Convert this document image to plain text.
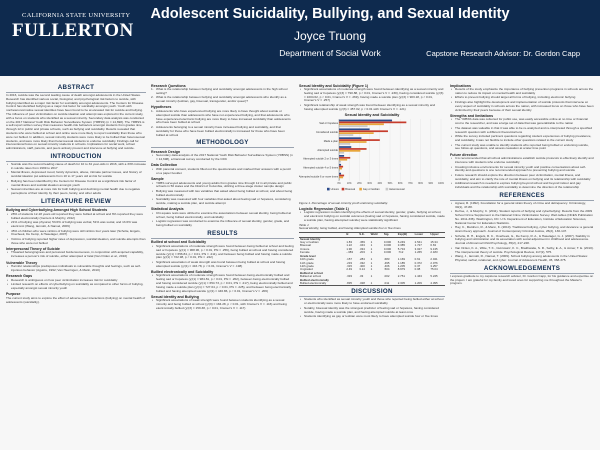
CALIFORNIA STATE UNIVERSITY
FULLERTON
Adolescent Suicidality, Bullying, and Sexual Identity
Joyce Truong
Department of Social Work	Capstone Research Advisor: Dr. Gordon Capp
ABSTRACT
In 2016, suicide was the second leading cause of death amongst adolescents in the United States. Research has identified various social, biological, and psychological risk factors to suicide, with bullying identified as a major risk factor for suicidality amongst adolescents. The Centers for Disease Control has identified bullying as a major risk factor for suicidality amongst youth. Youth with nonheteronormative sexual identities have been found to be at elevated risk for suicide and bullying. The influence of peer victimization on suicide ideation and attempt was explored in the current study, with a focus on students who identified as a sexual minority. Secondary data analysis was conducted on the 2017 National Youth Risk Behavior Surveillance System (YRBSS) (n = 14,698). The YRBSS is a self-report written survey that measures health-risk behaviors amongst students from grades nine through 12 in public and private schools, such as bullying and suicidality. Results revealed that students who were bullied at school and online were more likely to report suicidality than those who were not bullied. In addition, sexual minority students were more likely to be bullied than heterosexual students, and were more likely than heterosexual students to endorse suicidality. Findings call for interventional focus on sexual minority students in schools. Implications for social work, school administrators, staff, parents, and peers actively prevent and intervene at bullying and suicide.
INTRODUCTION
• Suicide was the second leading cause of death for 10 to 34 year-olds in 2016, with a 33% increase in suicide rates from 1999 to 2017
• Mental illness, depressed mood, family dynamics, abuse, intimate partner issues, and history of suicidal ideation put adolescents from 10 to 17 years old at risk for suicide
• Bullying has been identified by the Centers for Disease Control as a significant risk factor of mental illness and suicidal ideation amongst youth
• Sexual minorities are at more risk for both bullying and declining mental health due to negative perceptions of their identity by their peers, family, and other adults
LITERATURE REVIEW
Bullying and Cyberbullying Amongst High School Students
• 28% of students 12-18 years old reported they were bullied at school and 6% reported they were bullied electronically (Centers & Murphy, 2012)
• 21% of bullying was physical, 53.6% of bullying was verbal, 51% was social, and 13.6% was electronic (Wang, Iannotti, & Nansel, 2009)
• 45% of children who were victims of bullying were still victims four years later (Scholte, Engels, Overbeek, De Kemp, & Haselager, 2007)
• Victims of bullying reported higher rates of depression, suicidal ideation, and suicide attempts than those who were not bullied
Interpersonal Theory of Suicide
• Thwarted belongingness and perceived burdensomeness, in conjunction with acquired capability, increases a person's risk of suicide, either attempted or fatal (Van Orden et al., 2010)
Vulnerable Theory
• Harmful relationships predisposes individuals to vulnerable thoughts and feelings, such as self-injurious behavior (Aguirre, 1992; Van Heeringen, & Marin, 2010)
Research Gaps
• Research is ambiguous on how peer victimization increases risk for suicidality
• Limited research on effects of cyberbullying on suicidality as compared to other forms of bullying, especially amongst sexual minority youth
Purpose
The current study aims to explore the effect of adverse peer interactions (bullying) on mental health of adolescents (suicidality).
Research Questions
1. What is the relationship between bullying and suicidality amongst adolescents in the high school setting?
2. What is the relationship between bullying and suicidality amongst adolescents who identify as a sexual minority (lesbian, gay, bisexual, transgender, and/or queer)?
Hypotheses
1. Adolescents who have experienced bullying are more likely to have thought about suicide or attempted suicide than adolescents who have not experienced bullying, and that adolescents who have experienced electronic bullying are more likely to have increased suicidality than adolescents who have been bullied at school
2. Adolescents belonging to a sexual minority have increased bullying and suicidality, and that suicidality for those who have been bullied electronically is increased for those who have been bullied at school
METHODOLOGY
Research Design
• Secondary data analysis of the 2017 National Youth Risk Behavior Surveillance System (YRBSS) (n = 14,698), a biannual survey conducted by the CDC
Data Collection
• With parental consent, students filled out the questionnaire and marked their answers with a pencil on a paper booklet
Sample
• YRBS surveyed adolescents and young adults from grades nine through 12 in all private and public schools in 50 states and the District of Columbia, utilizing a three-stage cluster sample design
• Bullying was measured with two variables that asked about being bullied at school, and about being bullied electronically
• Suicidality was measured with four variables that asked about feeling sad or hopeless, considering suicide, making a suicide plan, and suicide attempt
Statistical Analysis
• Chi-square tests were utilized to examine the associations between sexual identity, being bullied at school, being bullied electronically, and suicidality
• Logistic regression was conducted to examine the influence of sexual identity, gender, grade, and being bullied on suicidality
RESULTS
Bullied at school and Suicidality
• Significant associations of moderate strength were found between being bullied at school and feeling sad or hopeless (χ²(1) = 968.96, p < 0.01, Phi = .256), being bullied at school and having considered suicide (χ²(1) = 656.84, p < 0.01, Phi = .211), and between being bullied and having made a suicide plan (χ²(1) = 722.98, p < 0.01, Phi = .222)
• Significant association of weak strength was found between being bullied at school and having attempted suicide (χ²(1) = 416.78, p < 0.01, Cramer's V = .198)
Bullied electronically and Suicidality
• Significant associations of moderate strength were found between being electronically bullied and feeling sad or hopeless (χ²(1) = 984.81, p < 0.01, Phi = .262), between being electronically bullied and having considered suicide (χ²(1) = 654.73, p < 0.01, Phi = .217), being electronically bullied and having made a suicide plan (χ²(1) = 727.04, p < 0.01, Phi = .225), and between being electronically bullied and having attempted suicide (χ²(1) = 446.86, p < 0.01, Cramer's V = .206)
Sexual identity and Bullying
• Significant associations of weak strength were found between students identifying as a sexual minority and being bullied at school (χ²(3) = 184.28, p < 0.01, with Cramer's V = .116) and being electronically bullied (χ²(3) = 159.38, p < 0.01, Cramer's V = .117)
Sexual Identity and Suicidality (Figure 1)
• Significant associations of moderate strength were found between identifying as a sexual minority and feeling sad or hopeless (χ²(3) = 790.88, p < 0.01, Cramer's V = .230), having considered suicide (χ²(3) = 1004.62, p < 0.01, Cramer's V = .269), having made a suicide plan (χ²(3) = 903.18, p < 0.01, Cramer's V = .257)
• Significant relationship of weak strength was found between identifying as a sexual minority and having attempted suicide (χ²(3) = 457.02, p < 0.01 with Cramer's V = .121)
Sexual Identity and Suicidality
0%	10% 20% 30% 40% 50% 60% 70% 80% 90% 100%
Sad or hopeless
Considered suicide
Made a plan
Attempted suicide
Attempted suicide 2 or 3 times
Attempted suicide 4 or 5 times
Attempted suicide 6 or more times
Unsure Bisexual	Gay or lesbian	Heterosexual
Figure 1. Percentage of sexual minority youth endorsing suicidality.
Logistic Regression (Table 1)
• Logistic regression models identifying the effects of sexual identity, gender, grade, bullying at school, and electronic bullying on suicidal outcomes (feeling sad or hopeless, having considered suicide, made a suicide plan, having attempted suicide) were statistically significant
Table 1
Sexual identity, being bullied, and having Attempted suicide four or five times
	B	S.E.	Wald	Sig.	Exp(B)	Lower	Upper
Sexual Identity							
Gay or lesbian	1.83	.459	1	0.000	6.249	2.541	15.34
Bisexual	1.22	.343	1	0.000	3.385	1.727	6.63
Unsure	1.96	.334	1	0.000	5.734	3.027	9.135
Female	-.383	.203	1	0.000	.712	1.265	2.183
Grade level							
10th grade	.157	.284	1	.683	1.169	0.61	2.041
11th grade	.233	.332	1	.495	1.185	0.372	2.076
12th grade	.315	.400	1	.406	1.205	0.37	3.257
Ungraded	2.49	3.14	1	.504	8.979	0.08	75.04
Bullied at school							
Bullied at school	.333	.33	1	.002	2.751	1.443	5.245
Bullied electronically							
Bullied electronically	.835	.328	1	.011	2.305	1.209	4.395
DISCUSSION
• Students who identified as sexual minority youth and those who reported being bullied either at school or electronically were more likely to have endorsed suicidality
• Notably, bisexual identity was the strongest predictor of feeling sad or hopeless, having considered suicide, having made a suicide plan, and having attempted suicide at least once
• Students identifying as gay or lesbian were most likely to have attempted suicide four or five times
Implications
• Results of the study emphasize the importance of bullying prevention programs in schools across the nation to reduce its impact on mental health and suicidality
• Efforts to prevent bullying should target all forms of bullying, including electronic bullying
• Findings also highlight the development and implementation of suicide protocols that intervene at every aspect of suicidality in schools across the nation, with increased focus on those who have been victimized by their peers because of their sexual identity
Strengths and limitations
• The YRBSS data was collected for public use, was easily accessible online at no time or financial cost to the researcher, and was a large set of data that was generalizable to the nation
• The dataset was valuable in that it was able to be re-analyzed and re-interpreted through a specified research question with a different theoretical lens
• While the survey included pertinent questions regarding student experiences of bullying prevalence, and suicidality, it was not flexible to include other questions related to the current study
• The current study was unable to identify students who reported being bullied or endorsing suicide, see follow-up questions, and assess causation at a later time point
Future direction
• It is recommended that all school administrations establish suicide protocols to effectively identify and intervene with students who endorse suicidality
• Creating inclusive environments for sexual minority youth and positive conversations about self-identity and questions is one recommended approach to preventing bullying and suicide
• Future research should explore the direction between peer victimization, mental illness, and suicidality, and aim to clarify the role of mental illness on bullying and its relationship with suicidality
• Additional research is needed to explore bullying beyond school and beyond indoor and gay individuals and the relationship with suicidality to determine the direction of the relationship
REFERENCES
• Agnew, R. (1992). Foundation for a general strain theory of crime and delinquency. Criminology, 30(1), 47-88.
• DeVoe, J., & Murphy, C. (2011). Student reports of bullying and cyberbullying: Results from the 2009 School Crime Supplement to the National Crime Victimization Survey. Web tables (NCES Publication No. 2011-336). Washington, DC: U.S. Department of Education, Institute of Education Sciences, National Center for Education Statistics.
• Hay, C., Meldrum, R., & Mann, K. (2010). Traditional bullying, cyber bullying, and deviance: a general strain theory approach. Journal of Contemporary Criminal Justice, 26(2), 130-147.
• Scholte, R. H., Engels, R. C., Overbeek, G., De Kemp, R. A., & Haselager, G. J. (2007). Stability in bullying and victimization and its association with social adjustment in childhood and adolescence. Journal of Abnormal Child Psychology, 35(2), 217-228.
• Van Orden, K. A., Witte, T. K., Cukrowicz, K. C., Braithwaite, S. R., Selby, E. A., & Joiner, T. E. (2010). The interpersonal theory of suicide. Psychological Review, 117(2), 575.
• Wang, J., Iannotti, R., Nansel, T. (2009). School bullying among adolescents in the United States: Physical, verbal, relational, and cyber. Journal of Adolescent Health, 45, 368-375.
ACKNOWLEDGEMENTS
I express gratitude to my capstone research advisor, Dr. Gordon Capp, for his guidance and expertise on the project. I am grateful for my family and loved ones for supporting me throughout the Master's program.
